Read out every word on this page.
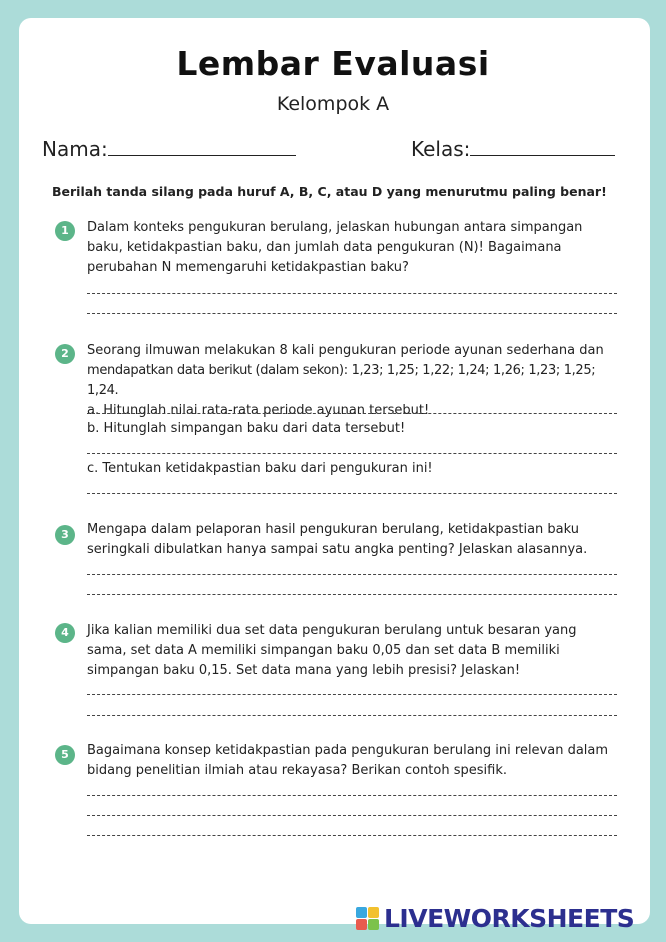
Lembar Evaluasi
Kelompok A
Nama:	Kelas:
Berilah tanda silang pada huruf A, B, C, atau D yang menurutmu paling benar!
1	Dalam konteks pengukuran berulang, jelaskan hubungan antara simpangan
baku, ketidakpastian baku, dan jumlah data pengukuran (N)! Bagaimana
perubahan N memengaruhi ketidakpastian baku?
2	Seorang ilmuwan melakukan 8 kali pengukuran periode ayunan sederhana dan
mendapatkan data berikut (dalam sekon): 1,23; 1,25; 1,22; 1,24; 1,26; 1,23; 1,25; 1,24.
a. Hitunglah nilai rata-rata periode ayunan tersebut!
b. Hitunglah simpangan baku dari data tersebut!
c. Tentukan ketidakpastian baku dari pengukuran ini!
3	Mengapa dalam pelaporan hasil pengukuran berulang, ketidakpastian baku
seringkali dibulatkan hanya sampai satu angka penting? Jelaskan alasannya.
4	Jika kalian memiliki dua set data pengukuran berulang untuk besaran yang
sama, set data A memiliki simpangan baku 0,05 dan set data B memiliki
simpangan baku 0,15. Set data mana yang lebih presisi? Jelaskan!
5	Bagaimana konsep ketidakpastian pada pengukuran berulang ini relevan dalam
bidang penelitian ilmiah atau rekayasa? Berikan contoh spesifik.
LIVEWORKSHEETS
